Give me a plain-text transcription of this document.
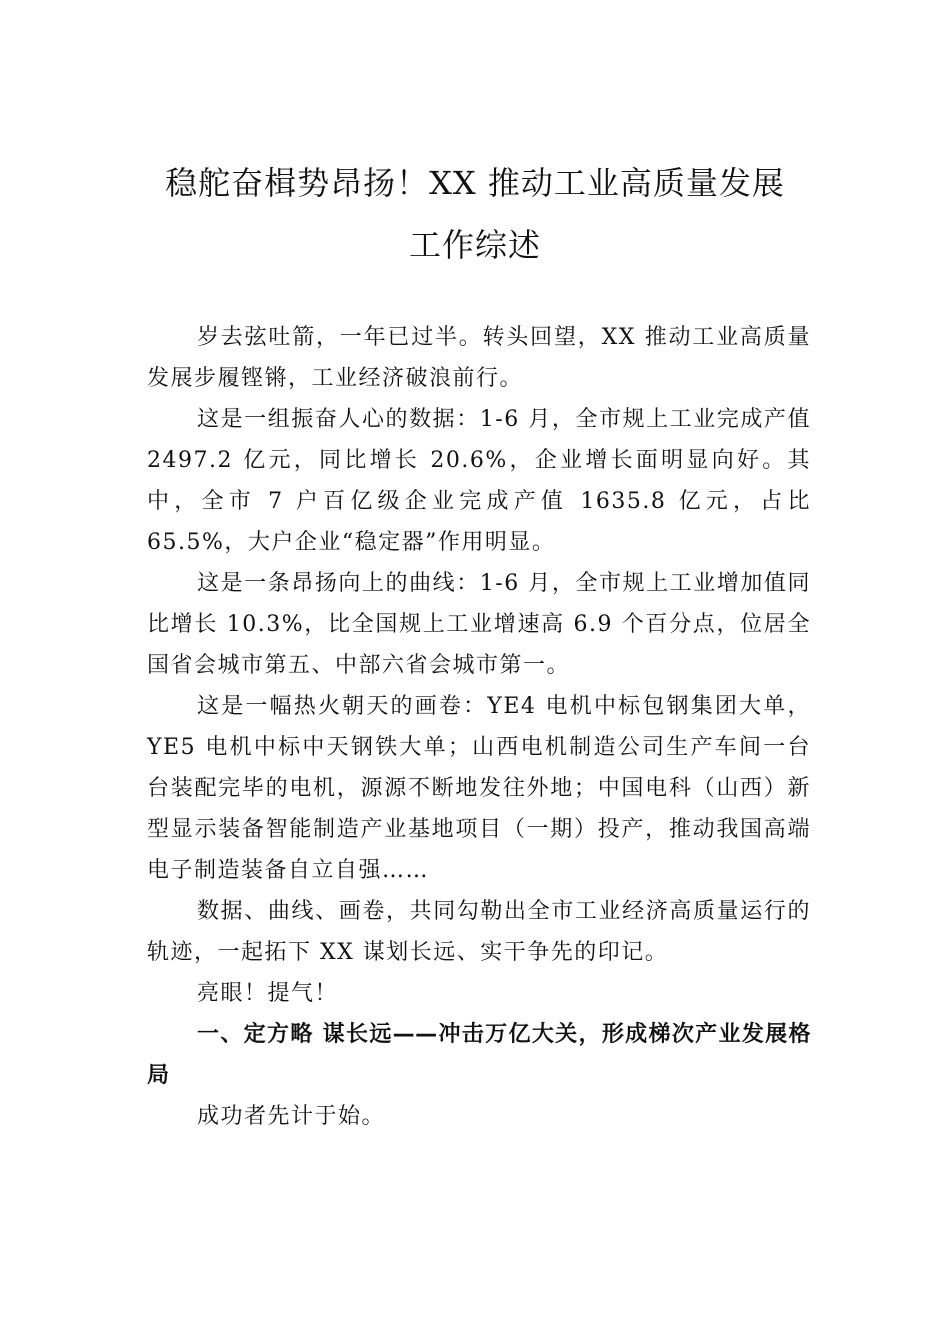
稳舵奋楫势昂扬！XX 推动工业高质量发展
工作综述

岁去弦吐箭，一年已过半。转头回望，XX 推动工业高质量发展步履铿锵，工业经济破浪前行。

这是一组振奋人心的数据：1-6 月，全市规上工业完成产值 2497.2 亿元，同比增长 20.6%，企业增长面明显向好。其中，全市 7 户百亿级企业完成产值 1635.8 亿元，占比 65.5%，大户企业“稳定器”作用明显。

这是一条昂扬向上的曲线：1-6 月，全市规上工业增加值同比增长 10.3%，比全国规上工业增速高 6.9 个百分点，位居全国省会城市第五、中部六省会城市第一。

这是一幅热火朝天的画卷：YE4 电机中标包钢集团大单，YE5 电机中标中天钢铁大单；山西电机制造公司生产车间一台台装配完毕的电机，源源不断地发往外地；中国电科（山西）新型显示装备智能制造产业基地项目（一期）投产，推动我国高端电子制造装备自立自强……

数据、曲线、画卷，共同勾勒出全市工业经济高质量运行的轨迹，一起拓下 XX 谋划长远、实干争先的印记。

亮眼！提气！

一、定方略 谋长远——冲击万亿大关，形成梯次产业发展格局

成功者先计于始。
